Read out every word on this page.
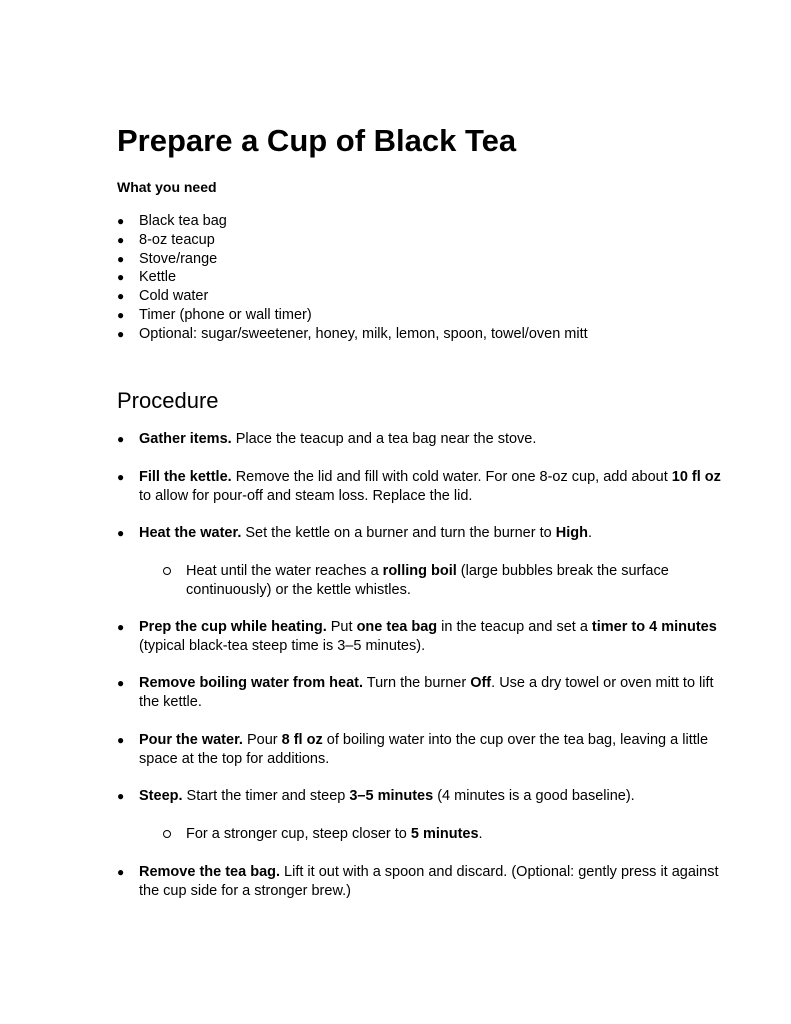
Prepare a Cup of Black Tea
What you need
● Black tea bag
● 8-oz teacup
● Stove/range
● Kettle
● Cold water
● Timer (phone or wall timer)
● Optional: sugar/sweetener, honey, milk, lemon, spoon, towel/oven mitt
Procedure
● Gather items. Place the teacup and a tea bag near the stove.
● Fill the kettle. Remove the lid and fill with cold water. For one 8-oz cup, add about 10 fl oz to allow for pour-off and steam loss. Replace the lid.
● Heat the water. Set the kettle on a burner and turn the burner to High.
Heat until the water reaches a rolling boil (large bubbles break the surface continuously) or the kettle whistles.
● Prep the cup while heating. Put one tea bag in the teacup and set a timer to 4 minutes (typical black-tea steep time is 3–5 minutes).
● Remove boiling water from heat. Turn the burner Off. Use a dry towel or oven mitt to lift the kettle.
● Pour the water. Pour 8 fl oz of boiling water into the cup over the tea bag, leaving a little space at the top for additions.
● Steep. Start the timer and steep 3–5 minutes (4 minutes is a good baseline).
For a stronger cup, steep closer to 5 minutes.
● Remove the tea bag. Lift it out with a spoon and discard. (Optional: gently press it against the cup side for a stronger brew.)
